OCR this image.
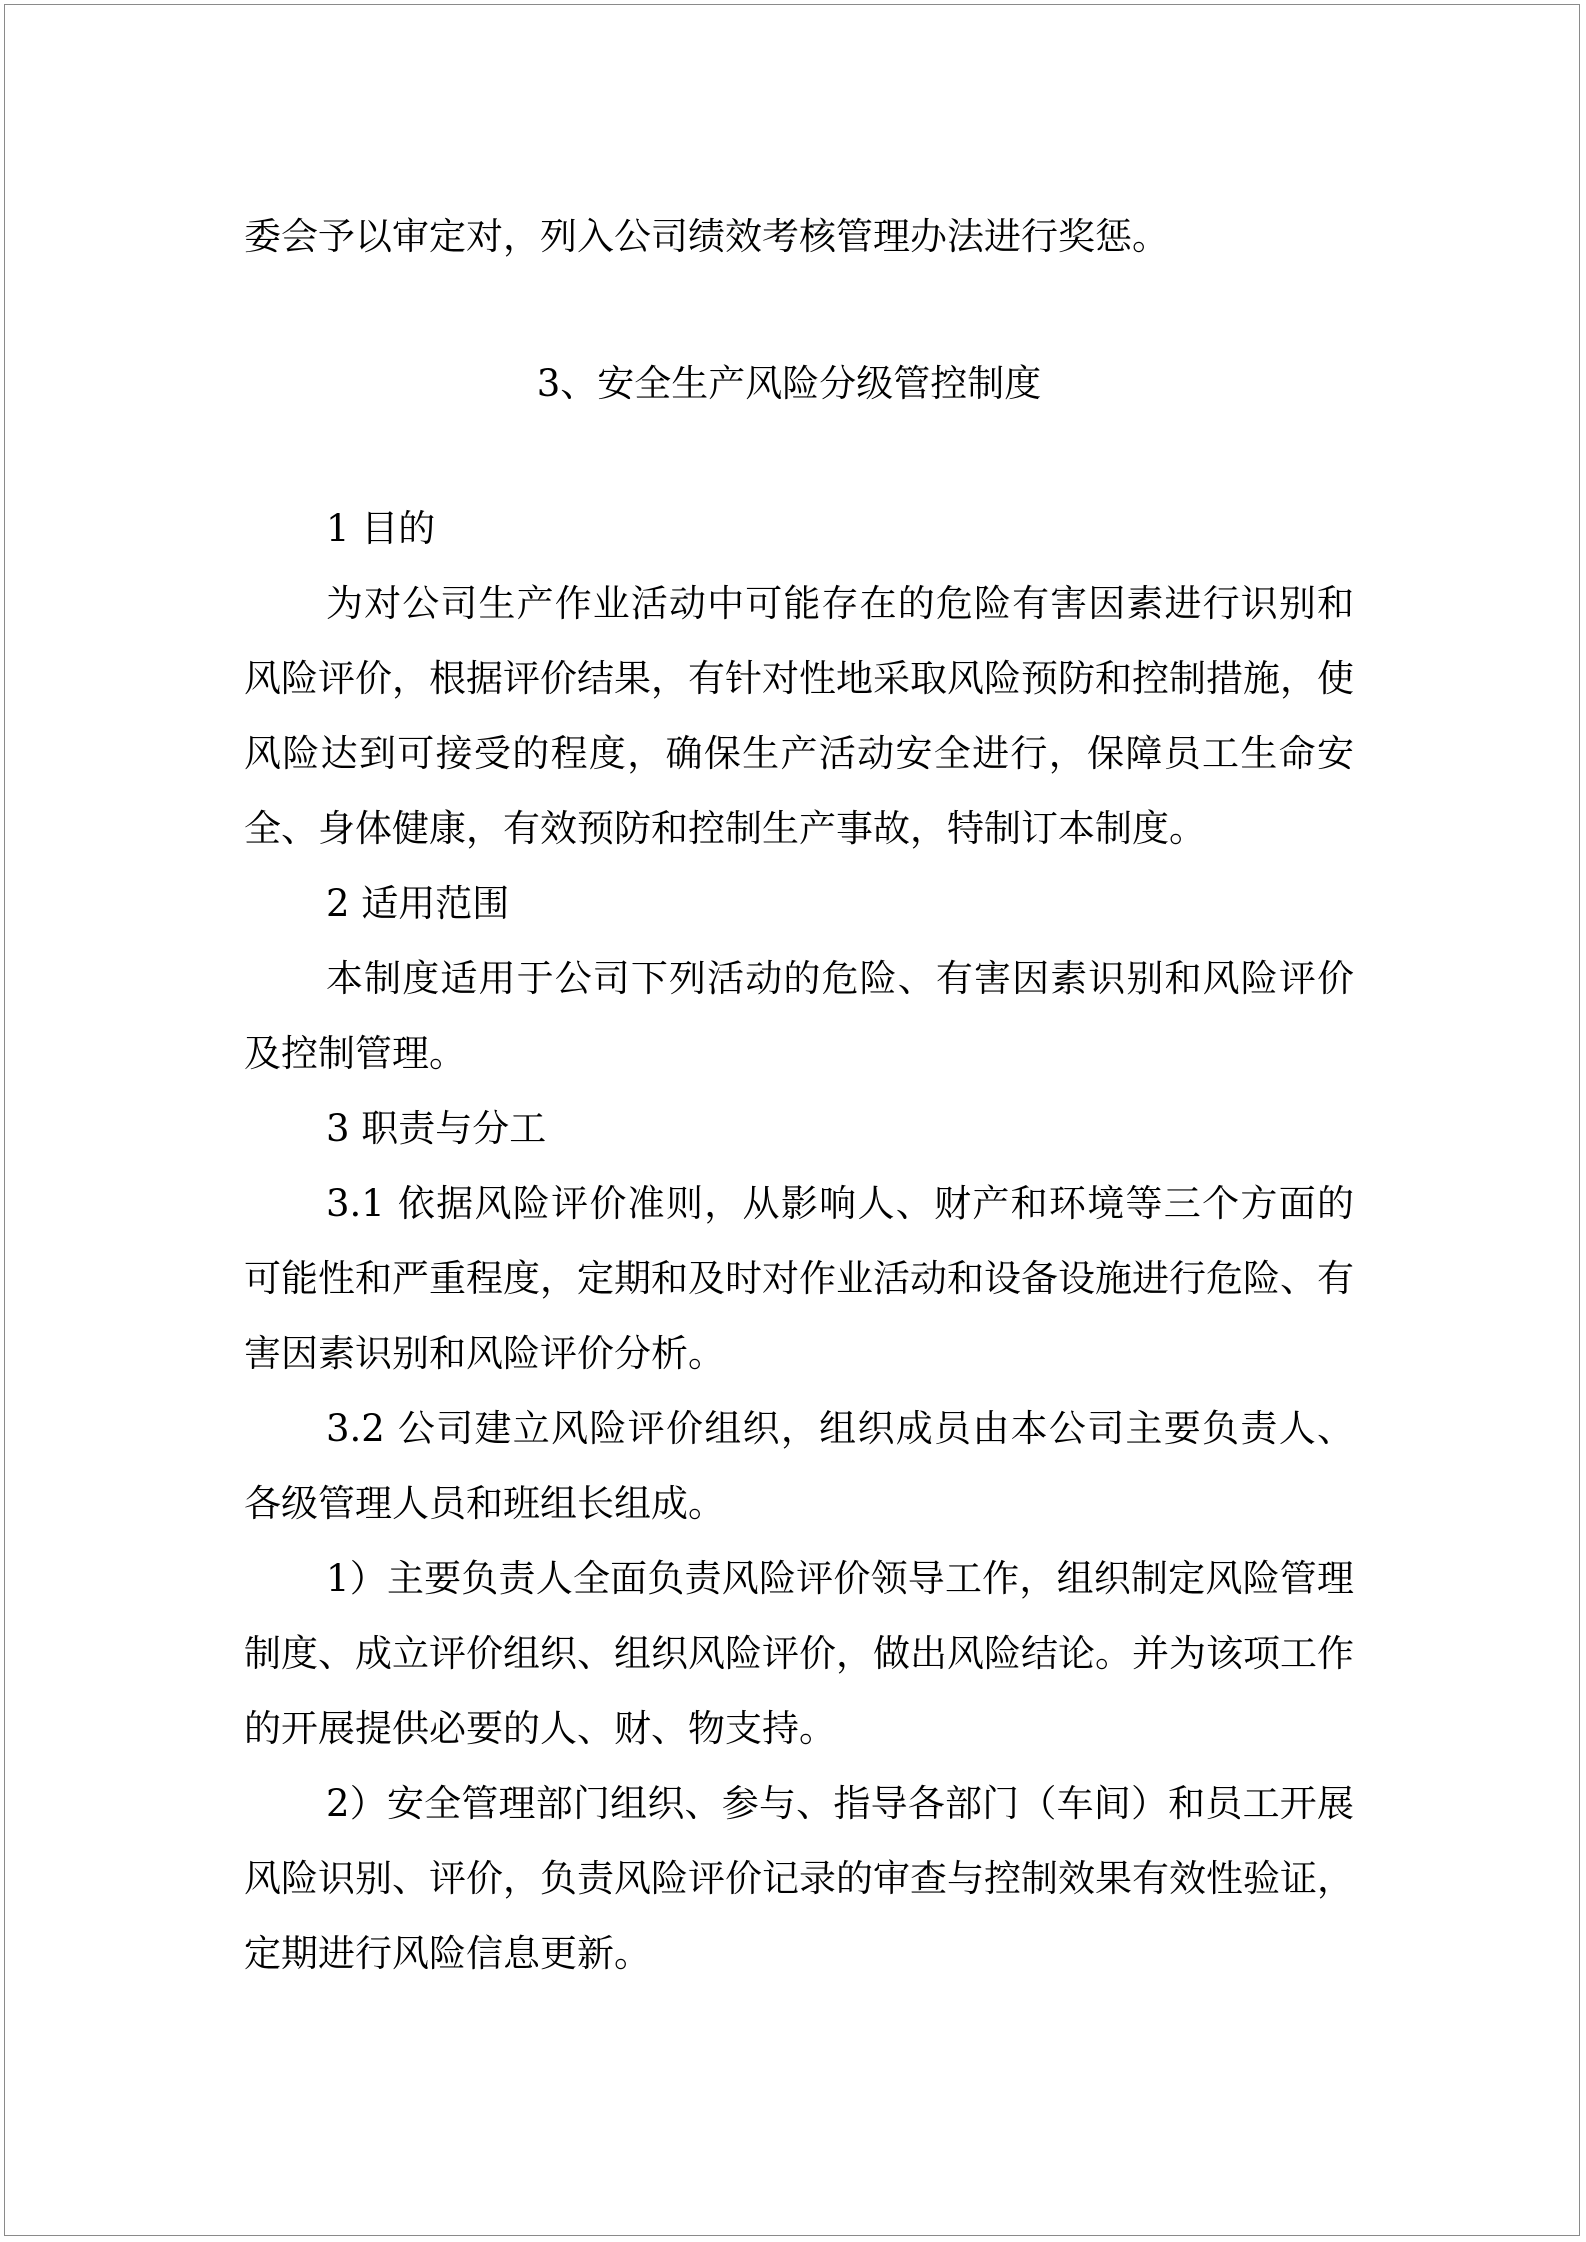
委会予以审定对，列入公司绩效考核管理办法进行奖惩。

3、安全生产风险分级管控制度

1 目的

为对公司生产作业活动中可能存在的危险有害因素进行识别和风险评价，根据评价结果，有针对性地采取风险预防和控制措施，使风险达到可接受的程度，确保生产活动安全进行，保障员工生命安全、身体健康，有效预防和控制生产事故，特制订本制度。

2 适用范围

本制度适用于公司下列活动的危险、有害因素识别和风险评价及控制管理。

3 职责与分工

3.1 依据风险评价准则，从影响人、财产和环境等三个方面的可能性和严重程度，定期和及时对作业活动和设备设施进行危险、有害因素识别和风险评价分析。

3.2 公司建立风险评价组织，组织成员由本公司主要负责人、各级管理人员和班组长组成。

1）主要负责人全面负责风险评价领导工作，组织制定风险管理制度、成立评价组织、组织风险评价，做出风险结论。并为该项工作的开展提供必要的人、财、物支持。

2）安全管理部门组织、参与、指导各部门（车间）和员工开展风险识别、评价，负责风险评价记录的审查与控制效果有效性验证，定期进行风险信息更新。
